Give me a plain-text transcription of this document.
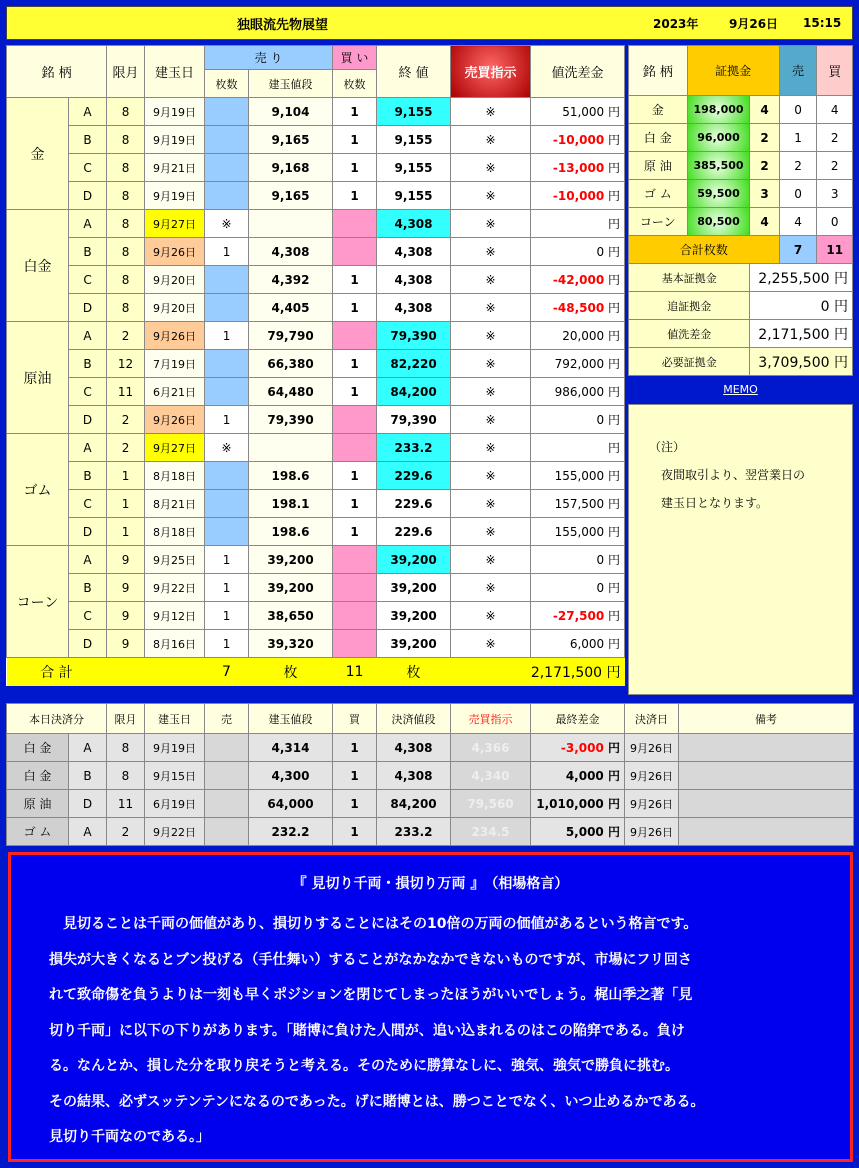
独眼流先物展望	2023年	9月26日 15:15
銘 柄		限月	建玉日	売 り		買 い	終 値	売買指示	値洗差金
				枚数	建玉値段	枚数			
金	A	8	9月19日		9,104	1	9,155	※	51,000 円
	B	8	9月19日		9,165	1	9,155	※	-10,000 円
	C	8	9月21日		9,168	1	9,155	※	-13,000 円
	D	8	9月19日		9,165	1	9,155	※	-10,000 円
白金	A	8	9月27日	※			4,308	※	円
	B	8	9月26日	1	4,308		4,308	※	0 円
	C	8	9月20日		4,392	1	4,308	※	-42,000 円
	D	8	9月20日		4,405	1	4,308	※	-48,500 円
原油	A	2	9月26日	1	79,790		79,390	※	20,000 円
	B	12	7月19日		66,380	1	82,220	※	792,000 円
	C	11	6月21日		64,480	1	84,200	※	986,000 円
	D	2	9月26日	1	79,390		79,390	※	0 円
ゴム	A	2	9月27日	※			233.2	※	円
	B	1	8月18日		198.6	1	229.6	※	155,000 円
	C	1	8月21日		198.1	1	229.6	※	157,500 円
	D	1	8月18日		198.6	1	229.6	※	155,000 円
コーン	A	9	9月25日	1	39,200		39,200	※	0 円
	B	9	9月22日	1	39,200		39,200	※	0 円
	C	9	9月12日	1	38,650		39,200	※	-27,500 円
	D	9	8月16日	1	39,320		39,200	※	6,000 円
合 計				7	枚	11	枚		2,171,500 円
銘 柄	証拠金		売	買
金	198,000	4	0	4
白 金	96,000	2	1	2
原 油	385,500	2	2	2
ゴ ム	59,500	3	0	3
コーン	80,500	4	4	0
合計枚数			7	11
基本証拠金		2,255,500 円		
追証拠金		0 円		
値洗差金		2,171,500 円		
必要証拠金		3,709,500 円		
MEMO

（注）

夜間取引より、翌営業日の

建玉日となります。

本日決済分		限月	建玉日	売	建玉値段	買	決済値段	売買指示	最終差金	決済日	備考
白 金	A	8	9月19日		4,314	1	4,308	4,366	-3,000 円	9月26日	
白 金	B	8	9月15日		4,300	1	4,308	4,340	4,000 円	9月26日	
原 油	D	11	6月19日		64,000	1	84,200	79,560	1,010,000 円	9月26日	
ゴ ム	A	2	9月22日		232.2	1	233.2	234.5	5,000 円	9月26日	
『 見切り千両・損切り万両 』　（相場格言）
　見切ることは千両の価値があり、損切りすることにはその10倍の万両の価値があるという格言です。
損失が大きくなるとブン投げる（手仕舞い）することがなかなかできないものですが、市場にフリ回さ
れて致命傷を負うよりは一刻も早くポジションを閉じてしまったほうがいいでしょう。梶山季之著「見
切り千両」に以下の下りがあります。「賭博に負けた人間が、追い込まれるのはこの陥穽である。負け
る。なんとか、損した分を取り戻そうと考える。そのために勝算なしに、強気、強気で勝負に挑む。
その結果、必ずスッテンテンになるのであった。げに賭博とは、勝つことでなく、いつ止めるかである。
見切り千両なのである。」
